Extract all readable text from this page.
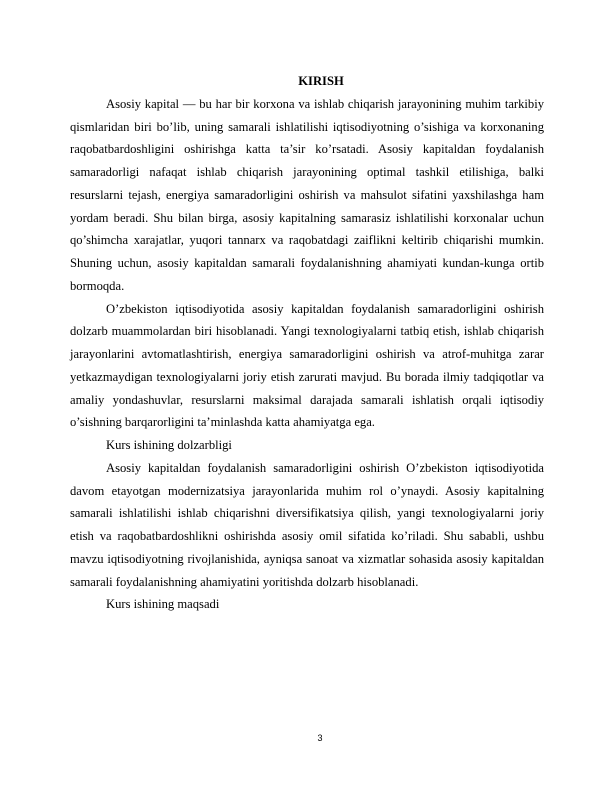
KIRISH

Asosiy kapital — bu har bir korxona va ishlab chiqarish jarayonining muhim tarkibiy qismlaridan biri bo’lib, uning samarali ishlatilishi iqtisodiyotning o’sishiga va korxonaning raqobatbardoshligini oshirishga katta ta’sir ko’rsatadi. Asosiy kapitaldan foydalanish samaradorligi nafaqat ishlab chiqarish jarayonining optimal tashkil etilishiga, balki resurslarni tejash, energiya samaradorligini oshirish va mahsulot sifatini yaxshilashga ham yordam beradi. Shu bilan birga, asosiy kapitalning samarasiz ishlatilishi korxonalar uchun qo’shimcha xarajatlar, yuqori tannarx va raqobatdagi zaiflikni keltirib chiqarishi mumkin. Shuning uchun, asosiy kapitaldan samarali foydalanishning ahamiyati kundan-kunga ortib bormoqda.

O’zbekiston iqtisodiyotida asosiy kapitaldan foydalanish samaradorligini oshirish dolzarb muammolardan biri hisoblanadi. Yangi texnologiyalarni tatbiq etish, ishlab chiqarish jarayonlarini avtomatlashtirish, energiya samaradorligini oshirish va atrof-muhitga zarar yetkazmaydigan texnologiyalarni joriy etish zarurati mavjud. Bu borada ilmiy tadqiqotlar va amaliy yondashuvlar, resurslarni maksimal darajada samarali ishlatish orqali iqtisodiy o’sishning barqarorligini ta’minlashda katta ahamiyatga ega.

Kurs ishining dolzarbligi

Asosiy kapitaldan foydalanish samaradorligini oshirish O’zbekiston iqtisodiyotida davom etayotgan modernizatsiya jarayonlarida muhim rol o’ynaydi. Asosiy kapitalning samarali ishlatilishi ishlab chiqarishni diversifikatsiya qilish, yangi texnologiyalarni joriy etish va raqobatbardoshlikni oshirishda asosiy omil sifatida ko’riladi. Shu sababli, ushbu mavzu iqtisodiyotning rivojlanishida, ayniqsa sanoat va xizmatlar sohasida asosiy kapitaldan samarali foydalanishning ahamiyatini yoritishda dolzarb hisoblanadi.

Kurs ishining maqsadi

3
